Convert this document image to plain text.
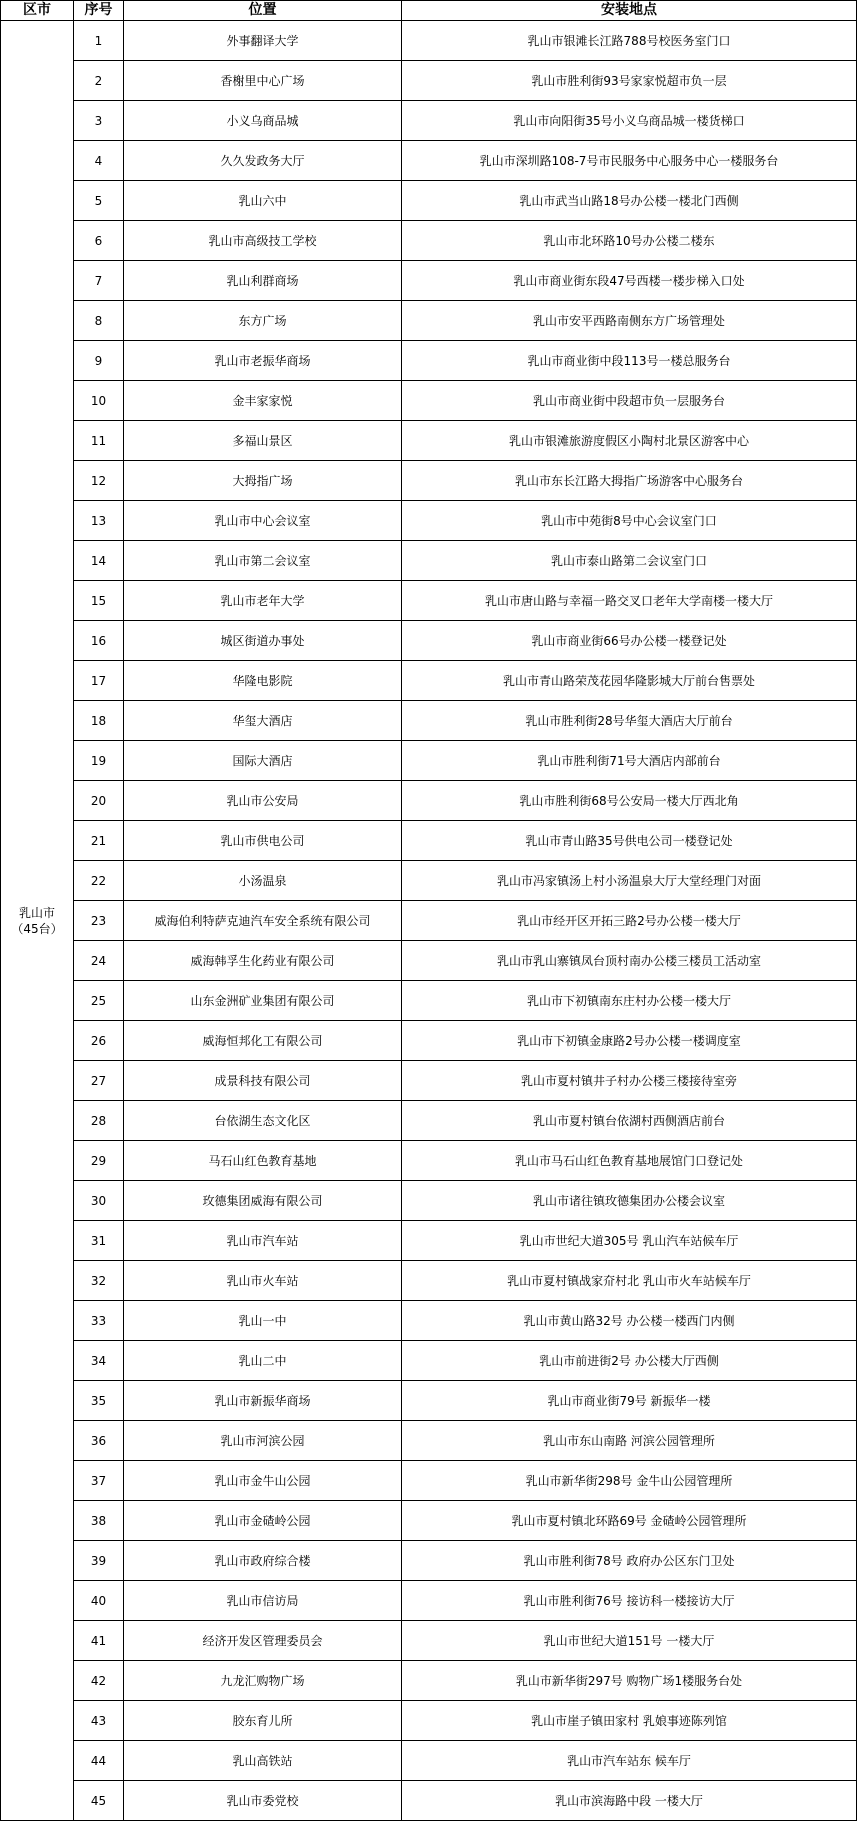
区市	序号	位置	安装地点

乳山市
（45台）	1	外事翻译大学	乳山市银滩长江路788号校医务室门口
	2	香榭里中心广场	乳山市胜利街93号家家悦超市负一层
	3	小义乌商品城	乳山市向阳街35号小义乌商品城一楼货梯口
	4	久久发政务大厅	乳山市深圳路108-7号市民服务中心服务中心一楼服务台
	5	乳山六中	乳山市武当山路18号办公楼一楼北门西侧
	6	乳山市高级技工学校	乳山市北环路10号办公楼二楼东
	7	乳山利群商场	乳山市商业街东段47号西楼一楼步梯入口处
	8	东方广场	乳山市安平西路南侧东方广场管理处
	9	乳山市老振华商场	乳山市商业街中段113号一楼总服务台
	10	金丰家家悦	乳山市商业街中段超市负一层服务台
	11	多福山景区	乳山市银滩旅游度假区小陶村北景区游客中心
	12	大拇指广场	乳山市东长江路大拇指广场游客中心服务台
	13	乳山市中心会议室	乳山市中苑街8号中心会议室门口
	14	乳山市第二会议室	乳山市泰山路第二会议室门口
	15	乳山市老年大学	乳山市唐山路与幸福一路交叉口老年大学南楼一楼大厅
	16	城区街道办事处	乳山市商业街66号办公楼一楼登记处
	17	华隆电影院	乳山市青山路荣茂花园华隆影城大厅前台售票处
	18	华玺大酒店	乳山市胜利街28号华玺大酒店大厅前台
	19	国际大酒店	乳山市胜利街71号大酒店内部前台
	20	乳山市公安局	乳山市胜利街68号公安局一楼大厅西北角
	21	乳山市供电公司	乳山市青山路35号供电公司一楼登记处
	22	小汤温泉	乳山市冯家镇汤上村小汤温泉大厅大堂经理门对面
	23	威海伯利特萨克迪汽车安全系统有限公司	乳山市经开区开拓三路2号办公楼一楼大厅
	24	威海韩孚生化药业有限公司	乳山市乳山寨镇凤台顶村南办公楼三楼员工活动室
	25	山东金洲矿业集团有限公司	乳山市下初镇南东庄村办公楼一楼大厅
	26	威海恒邦化工有限公司	乳山市下初镇金康路2号办公楼一楼调度室
	27	成景科技有限公司	乳山市夏村镇井子村办公楼三楼接待室旁
	28	台依湖生态文化区	乳山市夏村镇台依湖村西侧酒店前台
	29	马石山红色教育基地	乳山市马石山红色教育基地展馆门口登记处
	30	玫德集团威海有限公司	乳山市诸往镇玫德集团办公楼会议室
	31	乳山市汽车站	乳山市世纪大道305号 乳山汽车站候车厅
	32	乳山市火车站	乳山市夏村镇战家夼村北 乳山市火车站候车厅
	33	乳山一中	乳山市黄山路32号 办公楼一楼西门内侧
	34	乳山二中	乳山市前进街2号 办公楼大厅西侧
	35	乳山市新振华商场	乳山市商业街79号 新振华一楼
	36	乳山市河滨公园	乳山市东山南路 河滨公园管理所
	37	乳山市金牛山公园	乳山市新华街298号 金牛山公园管理所
	38	乳山市金碴岭公园	乳山市夏村镇北环路69号 金碴岭公园管理所
	39	乳山市政府综合楼	乳山市胜利街78号 政府办公区东门卫处
	40	乳山市信访局	乳山市胜利街76号 接访科一楼接访大厅
	41	经济开发区管理委员会	乳山市世纪大道151号 一楼大厅
	42	九龙汇购物广场	乳山市新华街297号 购物广场1楼服务台处
	43	胶东育儿所	乳山市崖子镇田家村 乳娘事迹陈列馆
	44	乳山高铁站	乳山市汽车站东 候车厅
	45	乳山市委党校	乳山市滨海路中段 一楼大厅
